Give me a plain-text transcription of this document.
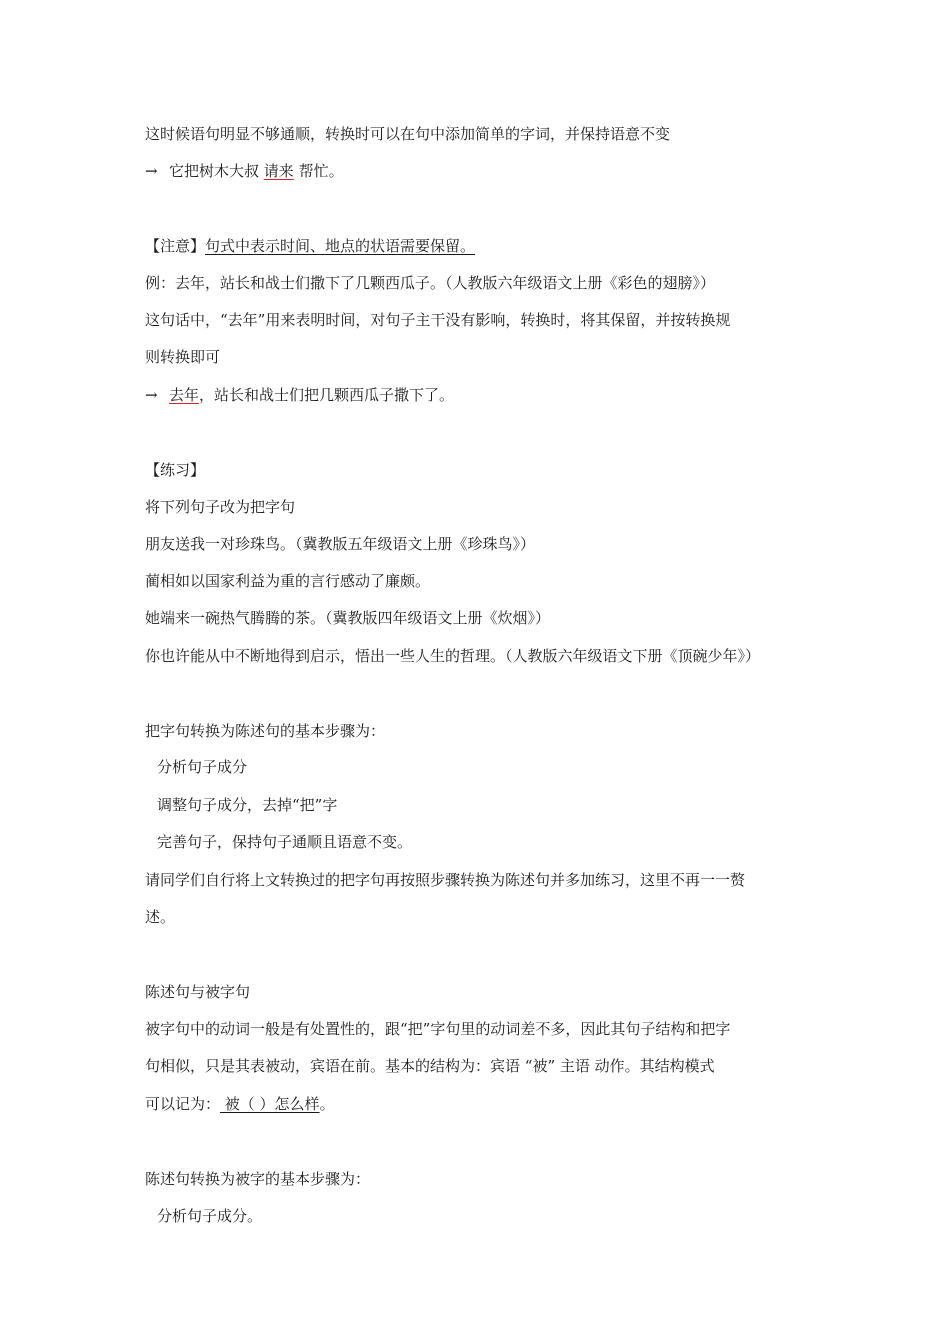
这时候语句明显不够通顺，转换时可以在句中添加简单的字词，并保持语意不变
→ 它把树木大叔 请来 帮忙。
【注意】句式中表示时间、地点的状语需要保留。
例：去年，站长和战士们撒下了几颗西瓜子。（人教版六年级语文上册《彩色的翅膀》）
这句话中，“去年”用来表明时间，对句子主干没有影响，转换时，将其保留，并按转换规
则转换即可
→ 去年，站长和战士们把几颗西瓜子撒下了。
【练习】
将下列句子改为把字句
朋友送我一对珍珠鸟。（冀教版五年级语文上册《珍珠鸟》）
蔺相如以国家利益为重的言行感动了廉颇。
她端来一碗热气腾腾的茶。（冀教版四年级语文上册《炊烟》）
你也许能从中不断地得到启示，悟出一些人生的哲理。（人教版六年级语文下册《顶碗少年》）
把字句转换为陈述句的基本步骤为：
分析句子成分
调整句子成分，去掉“把”字
完善句子，保持句子通顺且语意不变。
请同学们自行将上文转换过的把字句再按照步骤转换为陈述句并多加练习，这里不再一一赘
述。
陈述句与被字句
被字句中的动词一般是有处置性的，跟“把”字句里的动词差不多，因此其句子结构和把字
句相似，只是其表被动，宾语在前。基本的结构为：宾语 “被” 主语 动作。其结构模式
可以记为： 被（ ）怎么样。
陈述句转换为被字的基本步骤为：
分析句子成分。
